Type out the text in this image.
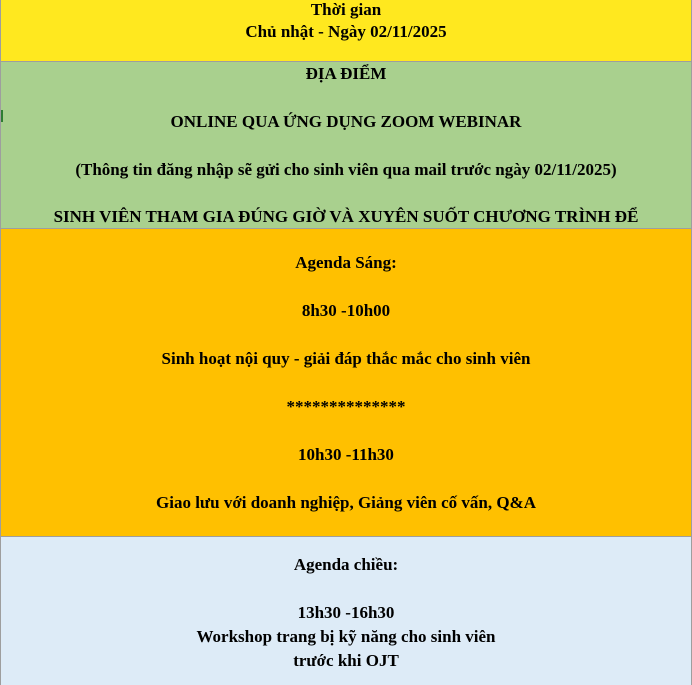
Thời gian
Chủ nhật - Ngày 02/11/2025
ĐỊA ĐIỂM
ONLINE QUA ỨNG DỤNG ZOOM WEBINAR
(Thông tin đăng nhập sẽ gửi cho sinh viên qua mail trước ngày 02/11/2025)
SINH VIÊN THAM GIA ĐÚNG GIỜ VÀ XUYÊN SUỐT CHƯƠNG TRÌNH ĐỂ
Agenda Sáng:
8h30 -10h00
Sinh hoạt nội quy - giải đáp thắc mắc cho sinh viên
**************
10h30 -11h30
Giao lưu với doanh nghiệp, Giảng viên cố vấn, Q&A
Agenda chiều:
13h30 -16h30
Workshop trang bị kỹ năng cho sinh viên
trước khi OJT
